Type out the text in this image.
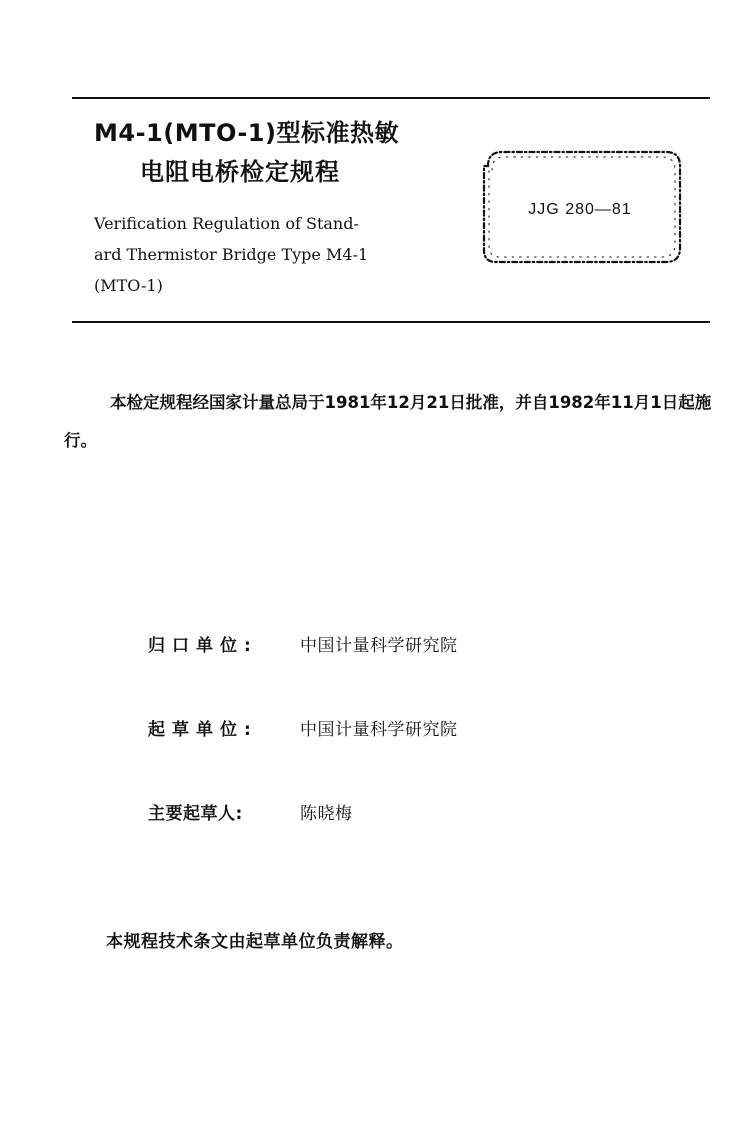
M4-1(MTO-1)型标准热敏
电阻电桥检定规程
Verification Regulation of Stand-
ard Thermistor Bridge Type M4-1
(MTO-1)
JJG 280—81
本检定规程经国家计量总局于1981年12月21日批准，并自1982年11月1日起施行。
归口单位: 中国计量科学研究院
起草单位: 中国计量科学研究院
主要起草人:	陈晓梅
本规程技术条文由起草单位负责解释。
